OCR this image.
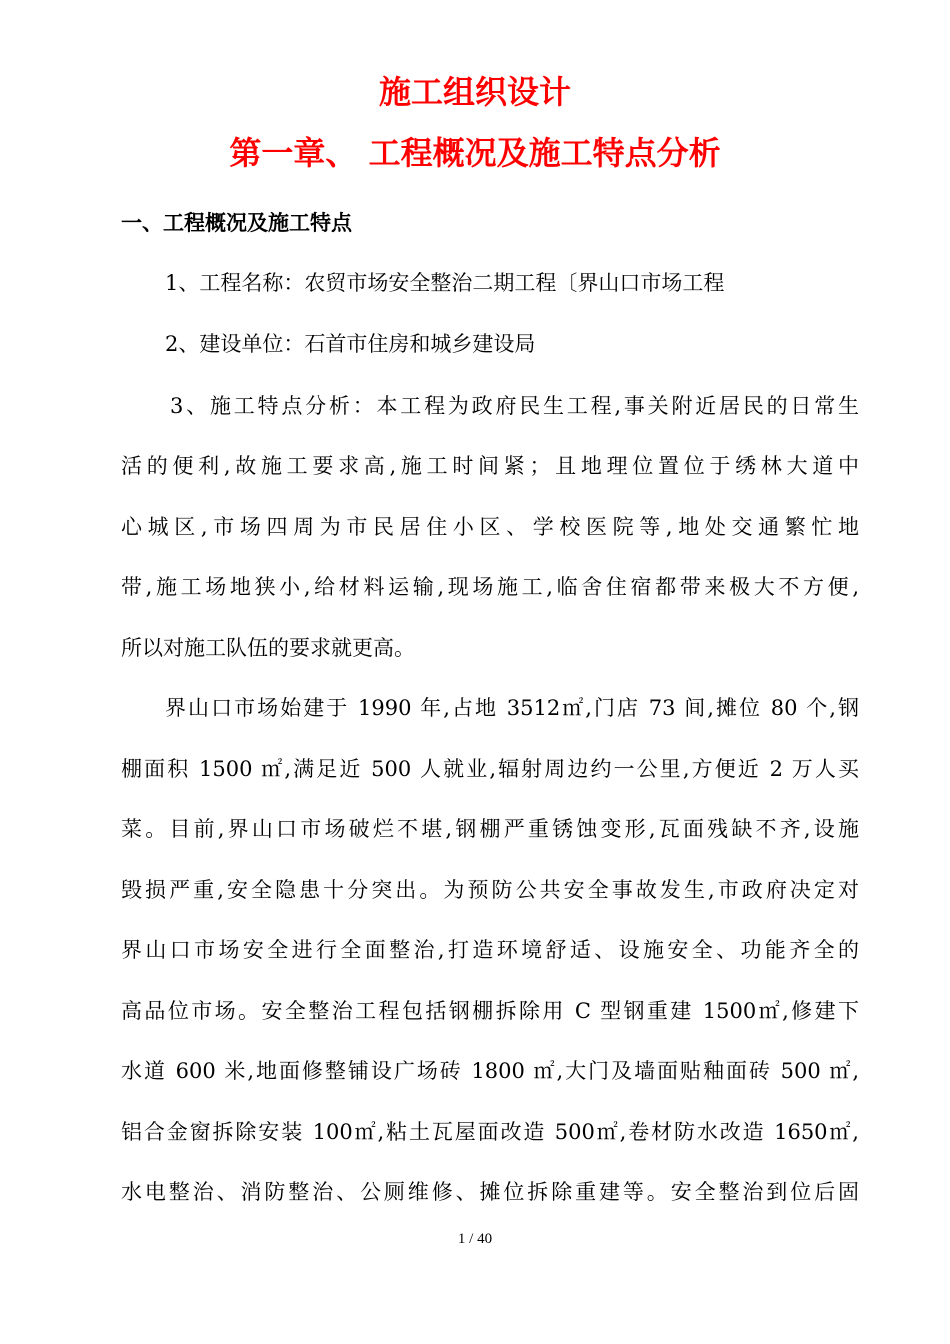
施工组织设计
第一章、 工程概况及施工特点分析
一、工程概况及施工特点
1、工程名称：农贸市场安全整治二期工程〔界山口市场工程
2、建设单位：石首市住房和城乡建设局
3、施工特点分析：本工程为政府民生工程,事关附近居民的日常生
活的便利,故施工要求高,施工时间紧；且地理位置位于绣林大道中
心城区,市场四周为市民居住小区、学校医院等,地处交通繁忙地
带,施工场地狭小,给材料运输,现场施工,临舍住宿都带来极大不方便,
所以对施工队伍的要求就更高。
界山口市场始建于 1990 年,占地 3512㎡,门店 73 间,摊位 80 个,钢
棚面积 1500 ㎡,满足近 500 人就业,辐射周边约一公里,方便近 2 万人买
菜。目前,界山口市场破烂不堪,钢棚严重锈蚀变形,瓦面残缺不齐,设施
毁损严重,安全隐患十分突出。为预防公共安全事故发生,市政府决定对
界山口市场安全进行全面整治,打造环境舒适、设施安全、功能齐全的
高品位市场。安全整治工程包括钢棚拆除用 C 型钢重建 1500㎡,修建下
水道 600 米,地面修整铺设广场砖 1800 ㎡,大门及墙面贴釉面砖 500 ㎡,
铝合金窗拆除安装 100㎡,粘土瓦屋面改造 500㎡,卷材防水改造 1650㎡,
水电整治、消防整治、公厕维修、摊位拆除重建等。安全整治到位后固
1 / 40
